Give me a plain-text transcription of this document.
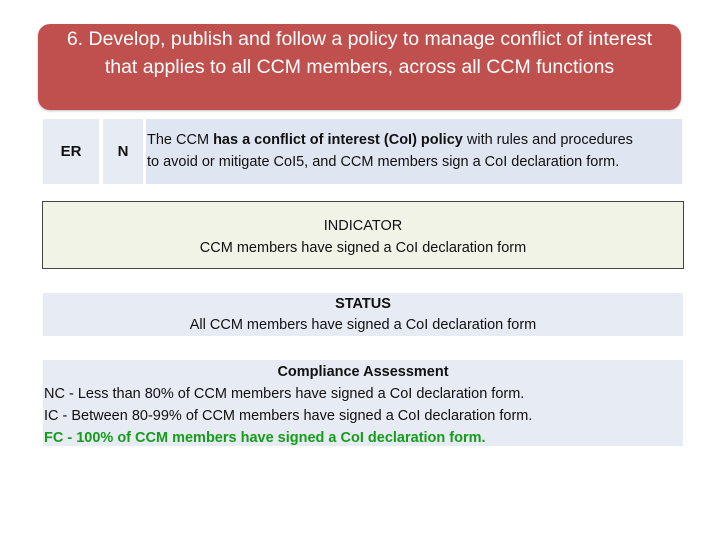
6. Develop, publish and follow a policy to manage conflict of interest that applies to all CCM members, across all CCM functions
ER N
The CCM has a conflict of interest (CoI) policy with rules and procedures
to avoid or mitigate CoI5, and CCM members sign a CoI declaration form.
INDICATOR
CCM members have signed a CoI declaration form
STATUS
All CCM members have signed a CoI declaration form
Compliance Assessment
NC - Less than 80% of CCM members have signed a CoI declaration form.
IC - Between 80-99% of CCM members have signed a CoI declaration form.
FC - 100% of CCM members have signed a CoI declaration form.
